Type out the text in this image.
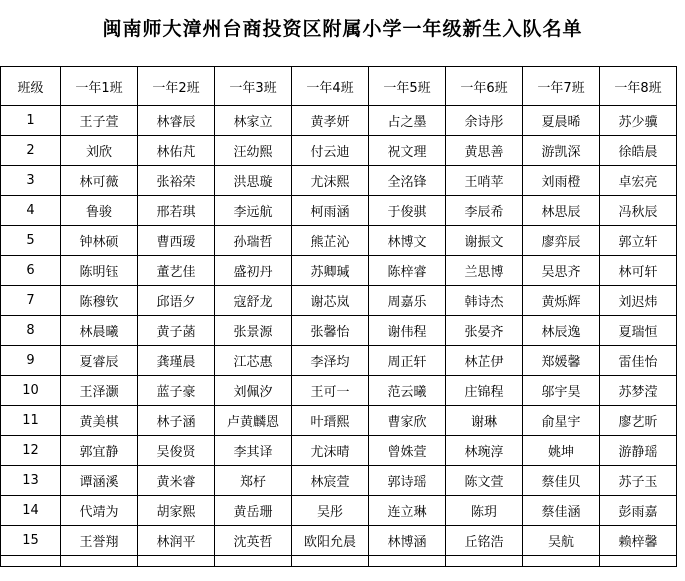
闽南师大漳州台商投资区附属小学一年级新生入队名单
班级	一年1班	一年2班	一年3班	一年4班	一年5班	一年6班	一年7班	一年8班
1	王子萱	林睿辰	林家立	黄孝妍	占之墨	余诗彤	夏晨晞	苏少骥
2	刘欣	林佑芃	汪幼熙	付云迪	祝文理	黄思善	游凯深	徐皓晨
3	林可薇	张裕荣	洪思璇	尤沫熙	全洺锋	王哨苹	刘雨橙	卓宏亮
4	鲁骏	邢若琪	李远航	柯雨涵	于俊骐	李辰希	林思辰	冯秋辰
5	钟林硕	曹西瑷	孙瑞哲	熊芷沁	林博文	谢振文	廖弈辰	郭立轩
6	陈明钰	董艺佳	盛初丹	苏卿瑊	陈梓睿	兰思博	吴思齐	林可轩
7	陈穆钦	邱语夕	寇舒龙	谢芯岚	周嘉乐	韩诗杰	黄烁辉	刘迟炜
8	林晨曦	黄子菡	张景源	张馨怡	谢伟程	张晏齐	林辰逸	夏瑞恒
9	夏睿辰	龚瑾晨	江芯惠	李泽均	周正轩	林芷伊	郑媛馨	雷佳怡
10	王泽灏	蓝子豪	刘佩汐	王可一	范云曦	庄锦程	邬宇昊	苏梦滢
11	黄美棋	林子涵	卢黄麟恩	叶瑨熙	曹家欣	谢琳	俞星宇	廖艺昕
12	郭宜静	吴俊贤	李其译	尤沫晴	曾姝萱	林琬淳	姚坤	游静瑶
13	谭涵溪	黄米睿	郑杍	林宸萱	郭诗瑶	陈文萱	蔡佳贝	苏子玉
14	代靖为	胡家熙	黄岳珊	吴彤	连立琳	陈玥	蔡佳涵	彭雨嘉
15	王誉翔	林润平	沈英哲	欧阳允晨	林博涵	丘铭浩	吴航	赖梓馨
